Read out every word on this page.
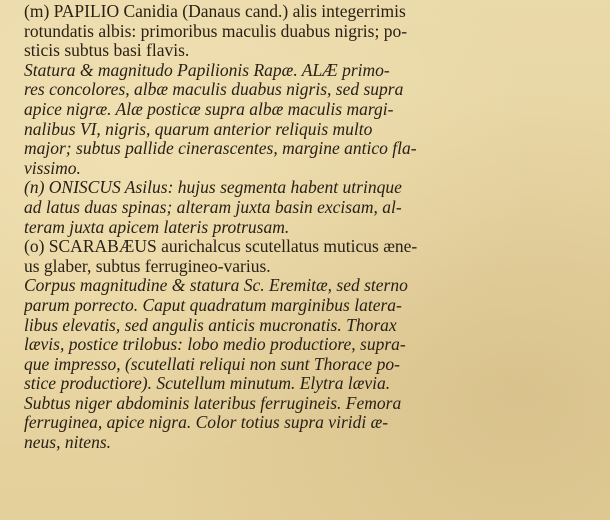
(m) PAPILIO Canidia (Danaus cand.) alis integerrimis
rotundatis albis: primoribus maculis duabus nigris; po-
sticis subtus basi flavis.
Statura & magnitudo Papilionis Rapæ. ALÆ primo-
res concolores, albæ maculis duabus nigris, sed supra
apice nigræ. Alæ posticæ supra albæ maculis margi-
nalibus VI, nigris, quarum anterior reliquis multo
major; subtus pallide cinerascentes, margine antico fla-
vissimo.
(n) ONISCUS Asilus: hujus segmenta habent utrinque
ad latus duas spinas; alteram juxta basin excisam, al-
teram juxta apicem lateris protrusam.
(o) SCARABÆUS aurichalcus scutellatus muticus æne-
us glaber, subtus ferrugineo-varius.
Corpus magnitudine & statura Sc. Eremitæ, sed sterno
parum porrecto. Caput quadratum marginibus latera-
libus elevatis, sed angulis anticis mucronatis. Thorax
lævis, postice trilobus: lobo medio productiore, supra-
que impresso, (scutellati reliqui non sunt Thorace po-
stice productiore). Scutellum minutum. Elytra lævia.
Subtus niger abdominis lateribus ferrugineis. Femora
ferruginea, apice nigra. Color totius supra viridi æ-
neus, nitens.
